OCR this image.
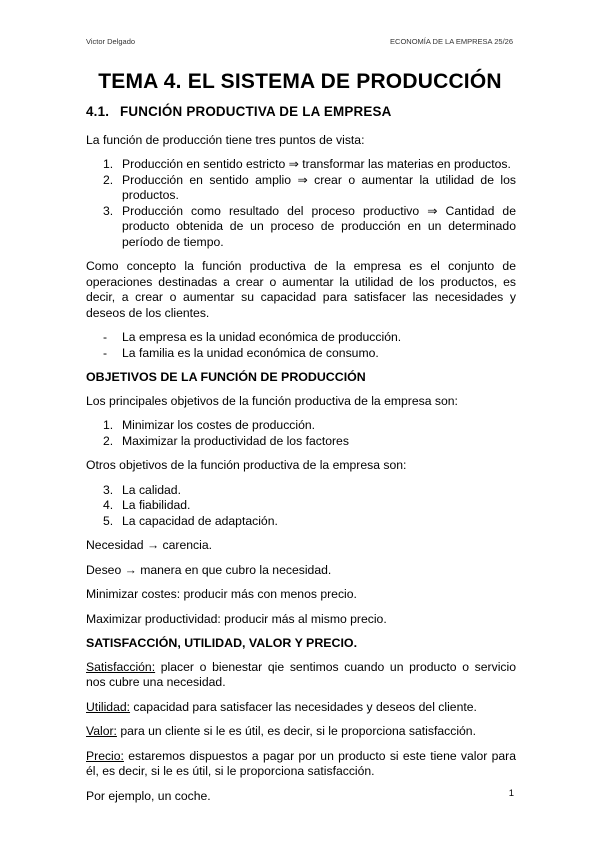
Victor Delgado	ECONOMÍA DE LA EMPRESA 25/26
TEMA 4. EL SISTEMA DE PRODUCCIÓN
4.1. FUNCIÓN PRODUCTIVA DE LA EMPRESA

La función de producción tiene tres puntos de vista:

1. Producción en sentido estricto ⇒ transformar las materias en productos.
2. Producción en sentido amplio ⇒ crear o aumentar la utilidad de los productos.
3. Producción como resultado del proceso productivo ⇒ Cantidad de producto obtenida de un proceso de producción en un determinado período de tiempo.

Como concepto la función productiva de la empresa es el conjunto de operaciones destinadas a crear o aumentar la utilidad de los productos, es decir, a crear o aumentar su capacidad para satisfacer las necesidades y deseos de los clientes.

- La empresa es la unidad económica de producción.
- La familia es la unidad económica de consumo.
OBJETIVOS DE LA FUNCIÓN DE PRODUCCIÓN

Los principales objetivos de la función productiva de la empresa son:

1. Minimizar los costes de producción.
2. Maximizar la productividad de los factores

Otros objetivos de la función productiva de la empresa son:

3. La calidad.
4. La fiabilidad.
5. La capacidad de adaptación.

Necesidad → carencia.

Deseo → manera en que cubro la necesidad.

Minimizar costes: producir más con menos precio.

Maximizar productividad: producir más al mismo precio.

SATISFACCIÓN, UTILIDAD, VALOR Y PRECIO.

Satisfacción: placer o bienestar qie sentimos cuando un producto o servicio nos cubre una necesidad.

Utilidad: capacidad para satisfacer las necesidades y deseos del cliente.

Valor: para un cliente si le es útil, es decir, si le proporciona satisfacción.

Precio: estaremos dispuestos a pagar por un producto si este tiene valor para él, es decir, si le es útil, si le proporciona satisfacción.

Por ejemplo, un coche.	1
